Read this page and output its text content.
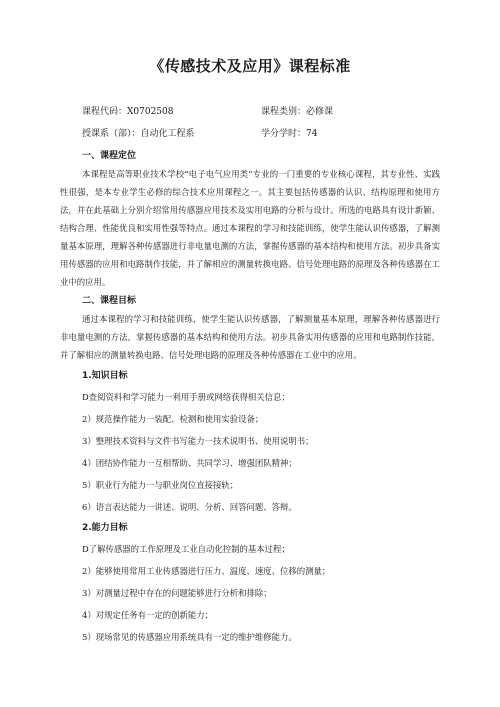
《传感技术及应用》课程标准
课程代码：X0702508	课程类别：必修课
授课系（部）：自动化工程系	学分学时：74
一、课程定位

本课程是高等职业技术学校“电子电气应用类”专业的一门重要的专业核心课程，其专业性、实践性很强，是本专业学生必修的综合技术应用课程之一。其主要包括传感器的认识、结构原理和使用方法，并在此基础上分别介绍常用传感器应用技术及实用电路的分析与设计。所选的电路具有设计新颖、结构合理、性能优良和实用性强等特点。通过本课程的学习和技能训练，使学生能认识传感器，了解测量基本原理，理解各种传感器进行非电量电测的方法，掌握传感器的基本结构和使用方法。初步具备实用传感器的应用和电路制作技能，并了解相应的测量转换电路、信号处理电路的原理及各种传感器在工业中的应用。

二、课程目标

通过本课程的学习和技能训练，使学生能认识传感器，了解测量基本原理，理解各种传感器进行非电量电测的方法，掌握传感器的基本结构和使用方法。初步具备实用传感器的应用和电路制作技能，并了解相应的测量转换电路、信号处理电路的原理及各种传感器在工业中的应用。

1.知识目标
D查阅资料和学习能力一利用手册或网络获得相关信息；
2）规范操作能力一装配、检测和使用实验设备；
3）整理技术资料与文件书写能力一技术说明书、使用说明书；
4）团结协作能力一互相帮助、共同学习、增强团队精神；
5）职业行为能力一与职业岗位直接接轨；
6）语言表达能力一讲述、说明、分析、回答问题、答辩。
2.能力目标
D了解传感器的工作原理及工业自动化控制的基本过程；
2）能够使用常用工业传感器进行压力、温度、速度、位移的测量；
3）对测量过程中存在的问题能够进行分析和排除；
4）对规定任务有一定的创新能力；
5）现场常见的传感器应用系统具有一定的维护维修能力。
